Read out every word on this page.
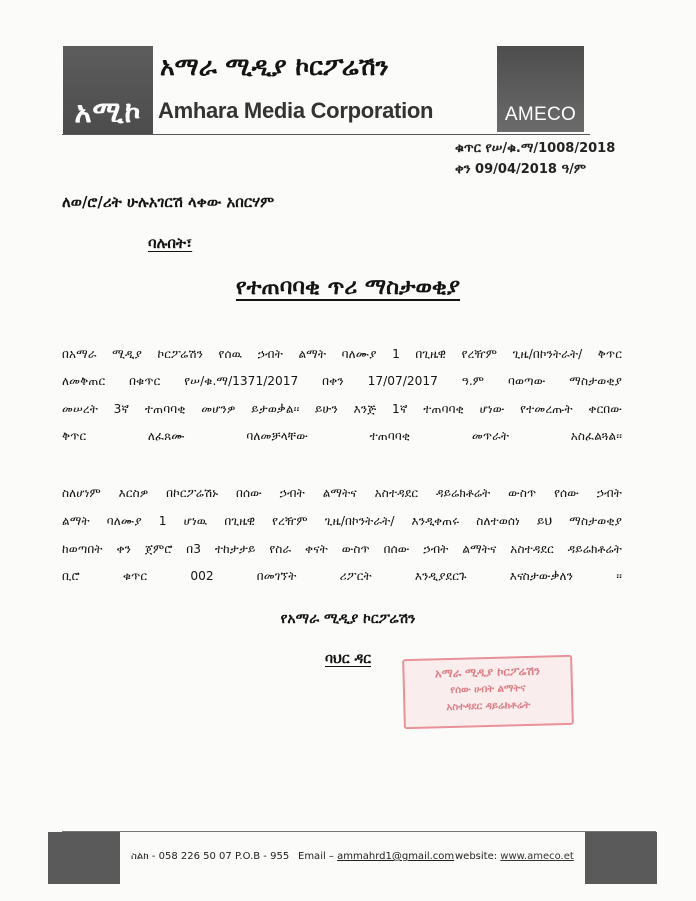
አሚኮ
አማራ ሚዲያ ኮርፖሬሽን
Amhara Media Corporation	AMECO
ቁጥር የሠ/ቁ.ማ/1008/2018
ቀን 09/04/2018 ዓ/ም
ለወ/ሮ/ሪት ሁሉአገርሽ ላቀው አበርሃም
ባሉበት፣
የተጠባባቂ ጥሪ ማስታወቂያ
በአማራ ሚዲያ ኮርፖሬሽን የሰዉ ኃብት ልማት ባለሙያ 1 በጊዜዊ የረዥም ጊዜ/በኮንትራት/ ቅጥር
ለመቅጠር በቁጥር የሠ/ቁ.ማ/1371/2017 በቀን 17/07/2017 ዓ.ም ባወጣው ማስታወቂያ
መሠረት 3ኛ ተጠባባቂ መሆንዎ ይታወቃል፡፡ ይሁን እንጅ 1ኛ ተጠባባቂ ሆነው የተመረጡት ቀርበው
ቅጥር ለፈጸሙ ባለመቻላቸው ተጠባባቂ መጥራት አስፈልጓል፡፡
ስለሆነም እርስዎ በኮርፖሬሽኑ በሰው ኃብት ልማትና አስተዳደር ዳይሬክቶሬት ውስጥ የሰው ኃብት
ልማት ባለሙያ 1 ሆነዉ በጊዜዊ የረዥም ጊዜ/በኮንትራት/ እንዲቀጠሩ ስለተወሰነ ይህ ማስታወቂያ
ከወጣበት ቀን ጀምሮ በ3 ተከታታይ የስራ ቀናት ውስጥ በሰው ኃብት ልማትና አስተዳደር ዳይሬክቶሬት
ቢሮ ቁጥር 002 በመገኘት ሪፖርት እንዲያደርጉ እናስታውቃለን ፡፡
የአማራ ሚዲያ ኮርፖሬሽን
ባህር ዳር
አማራ ሚዲያ ኮርፖሬሽን
የሰው ሀብት ልማትና
አስተዳደር ዳይሬክቶሬት
ስልክ - 058 226 50 07 P.O.B - 955 Email – ammahrd1@gmail.com website: www.ameco.et
